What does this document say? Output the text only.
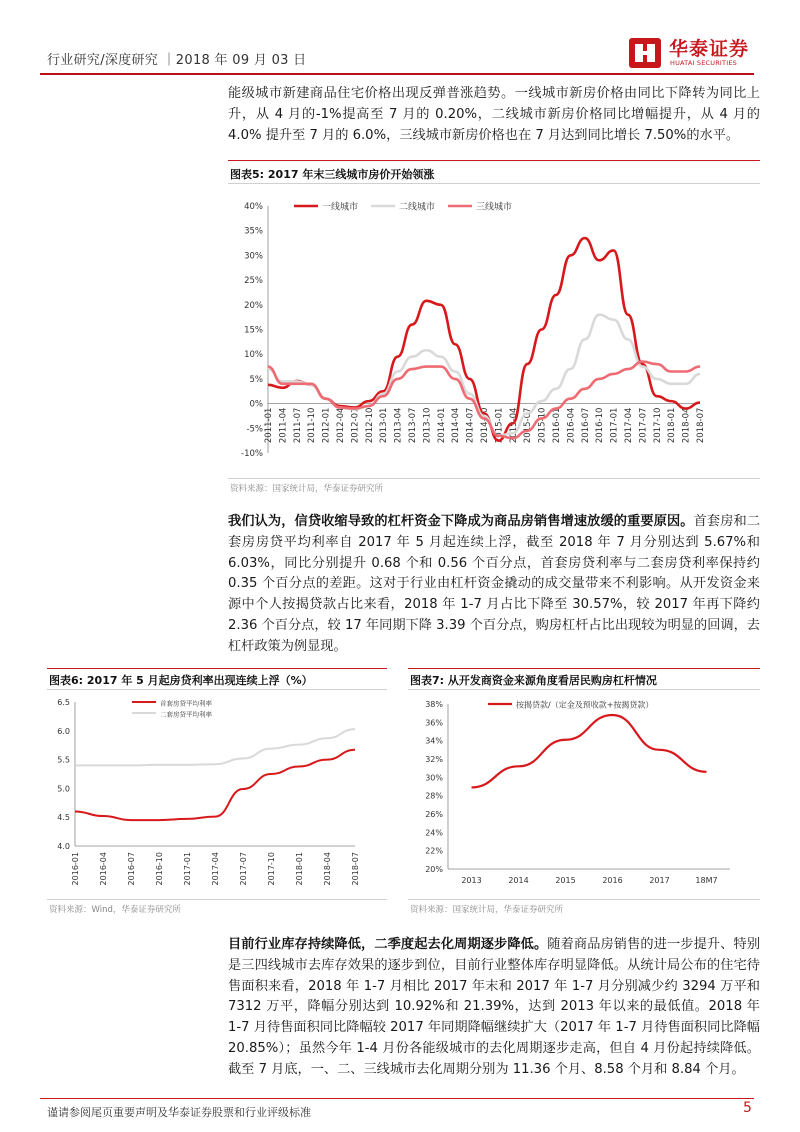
行业研究/深度研究 ｜2018 年 09 月 03 日
华泰证券
HUATAI SECURITIES
能级城市新建商品住宅价格出现反弹普涨趋势。一线城市新房价格由同比下降转为同比上升，从 4 月的-1%提高至 7 月的 0.20%，二线城市新房价格同比增幅提升，从 4 月的 4.0% 提升至 7 月的 6.0%，三线城市新房价格也在 7 月达到同比增长 7.50%的水平。
图表5: 2017 年末三线城市房价开始领涨
40%
35%
30%
25%
20%
15%
10%
5%
0%
-5%
-10%
2011-01 2011-04 2011-07 2011-10 2012-01 2012-04 2012-07 2012-10 2013-01 2013-04 2013-07 2013-10 2014-01 2014-04 2014-07 2014-10 2015-01 2015-04 2015-07 2015-10 2016-01 2016-04 2016-07 2016-10 2017-01 2017-04 2017-07 2017-10 2018-01 2018-04 2018-07
一线城市	二线城市	三线城市
资料来源：国家统计局，华泰证券研究所
我们认为，信贷收缩导致的杠杆资金下降成为商品房销售增速放缓的重要原因。首套房和二套房房贷平均利率自 2017 年 5 月起连续上浮，截至 2018 年 7 月分别达到 5.67%和 6.03%，同比分别提升 0.68 个和 0.56 个百分点，首套房贷利率与二套房贷利率保持约 0.35 个百分点的差距。这对于行业由杠杆资金撬动的成交量带来不利影响。从开发资金来源中个人按揭贷款占比来看，2018 年 1-7 月占比下降至 30.57%，较 2017 年再下降约 2.36 个百分点，较 17 年同期下降 3.39 个百分点，购房杠杆占比出现较为明显的回调，去杠杆政策为例显现。
图表6: 2017 年 5 月起房贷利率出现连续上浮（%）
6.5
6.0
5.5
5.0
4.5
4.0
2016-01 2016-04 2016-07 2016-10 2017-01 2017-04 2017-07 2017-10 2018-01 2018-04 2018-07
首套房贷平均利率
二套房贷平均利率
资料来源：Wind，华泰证券研究所
图表7: 从开发商资金来源角度看居民购房杠杆情况
38%
36%
34%
32%
30%
28%
26%
24%
22%
20%
2013	2014	2015	2016	2017	18M7
按揭贷款/（定金及预收款+按揭贷款）
资料来源：国家统计局，华泰证券研究所
目前行业库存持续降低，二季度起去化周期逐步降低。随着商品房销售的进一步提升、特别是三四线城市去库存效果的逐步到位，目前行业整体库存明显降低。从统计局公布的住宅待售面积来看，2018 年 1-7 月相比 2017 年末和 2017 年 1-7 月分别减少约 3294 万平和 7312 万平，降幅分别达到 10.92%和 21.39%，达到 2013 年以来的最低值。2018 年 1-7 月待售面积同比降幅较 2017 年同期降幅继续扩大（2017 年 1-7 月待售面积同比降幅 20.85%）；虽然今年 1-4 月份各能级城市的去化周期逐步走高，但自 4 月份起持续降低。截至 7 月底，一、二、三线城市去化周期分别为 11.36 个月、8.58 个月和 8.84 个月。
谨请参阅尾页重要声明及华泰证券股票和行业评级标准	5
